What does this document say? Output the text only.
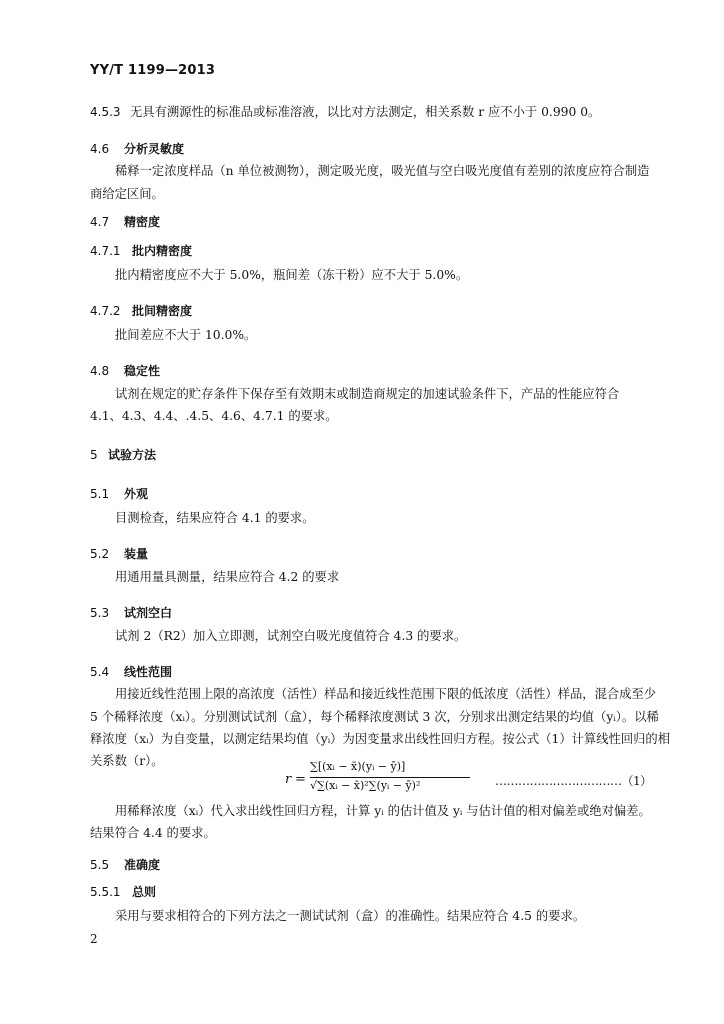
YY/T 1199—2013
4.5.3 无具有溯源性的标准品或标准溶液，以比对方法测定，相关系数 r 应不小于 0.990 0。
4.6 分析灵敏度
稀释一定浓度样品（n 单位被测物），测定吸光度，吸光值与空白吸光度值有差别的浓度应符合制造
商给定区间。
4.7 精密度
4.7.1 批内精密度
批内精密度应不大于 5.0%，瓶间差（冻干粉）应不大于 5.0%。
4.7.2 批间精密度
批间差应不大于 10.0%。
4.8 稳定性
试剂在规定的贮存条件下保存至有效期末或制造商规定的加速试验条件下，产品的性能应符合
4.1、4.3、4.4、.4.5、4.6、4.7.1 的要求。
5 试验方法
5.1 外观
目测检查，结果应符合 4.1 的要求。
5.2 装量
用通用量具测量，结果应符合 4.2 的要求
5.3 试剂空白
试剂 2（R2）加入立即测，试剂空白吸光度值符合 4.3 的要求。
5.4 线性范围
用接近线性范围上限的高浓度（活性）样品和接近线性范围下限的低浓度（活性）样品，混合成至少
5 个稀释浓度（xᵢ）。分别测试试剂（盒），每个稀释浓度测试 3 次，分别求出测定结果的均值（yᵢ）。以稀
释浓度（xᵢ）为自变量，以测定结果均值（yᵢ）为因变量求出线性回归方程。按公式（1）计算线性回归的相
关系数（r）。
r =
∑[(xᵢ − x̄)(yᵢ − ȳ)]
√∑(xᵢ − x̄)²∑(yᵢ − ȳ)²	……………………………（1）
用稀释浓度（xᵢ）代入求出线性回归方程，计算 yᵢ 的估计值及 yᵢ 与估计值的相对偏差或绝对偏差。
结果符合 4.4 的要求。
5.5 准确度
5.5.1 总则
采用与要求相符合的下列方法之一测试试剂（盒）的准确性。结果应符合 4.5 的要求。
2
